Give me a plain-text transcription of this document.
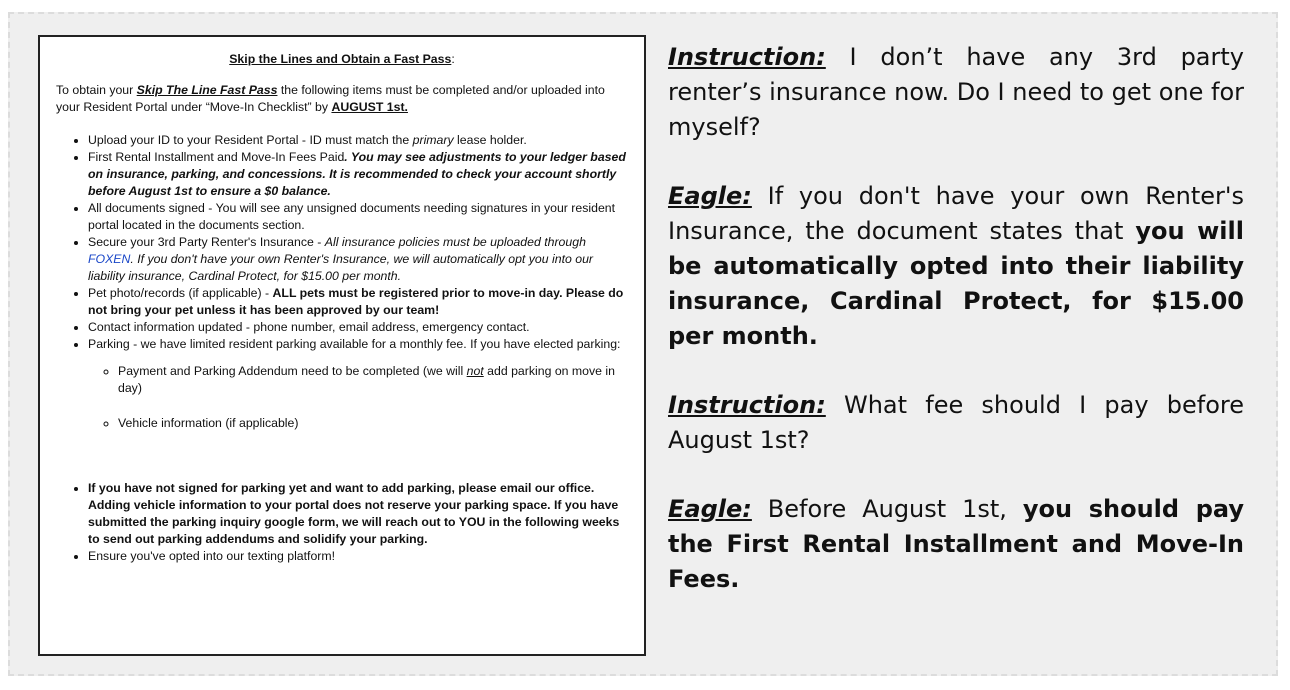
Skip the Lines and Obtain a Fast Pass:

To obtain your Skip The Line Fast Pass the following items must be completed and/or uploaded into your Resident Portal under “Move-In Checklist” by AUGUST 1st.

• Upload your ID to your Resident Portal - ID must match the primary lease holder.
• First Rental Installment and Move-In Fees Paid. You may see adjustments to your ledger based on insurance, parking, and concessions. It is recommended to check your account shortly before August 1st to ensure a $0 balance.
• All documents signed - You will see any unsigned documents needing signatures in your resident portal located in the documents section.
• Secure your 3rd Party Renter's Insurance - All insurance policies must be uploaded through FOXEN. If you don't have your own Renter's Insurance, we will automatically opt you into our liability insurance, Cardinal Protect, for $15.00 per month.
• Pet photo/records (if applicable) - ALL pets must be registered prior to move-in day. Please do not bring your pet unless it has been approved by our team!
• Contact information updated - phone number, email address, emergency contact.
• Parking - we have limited resident parking available for a monthly fee. If you have elected parking:
◦ Payment and Parking Addendum need to be completed (we will not add parking on move in day)
◦ Vehicle information (if applicable)
• If you have not signed for parking yet and want to add parking, please email our office. Adding vehicle information to your portal does not reserve your parking space. If you have submitted the parking inquiry google form, we will reach out to YOU in the following weeks to send out parking addendums and solidify your parking.
• Ensure you've opted into our texting platform!

Instruction: I don’t have any 3rd party renter’s insurance now. Do I need to get one for myself?

Eagle: If you don't have your own Renter's Insurance, the document states that you will be automatically opted into their liability insurance, Cardinal Protect, for $15.00 per month.

Instruction: What fee should I pay before August 1st?

Eagle: Before August 1st, you should pay the First Rental Installment and Move-In Fees.
